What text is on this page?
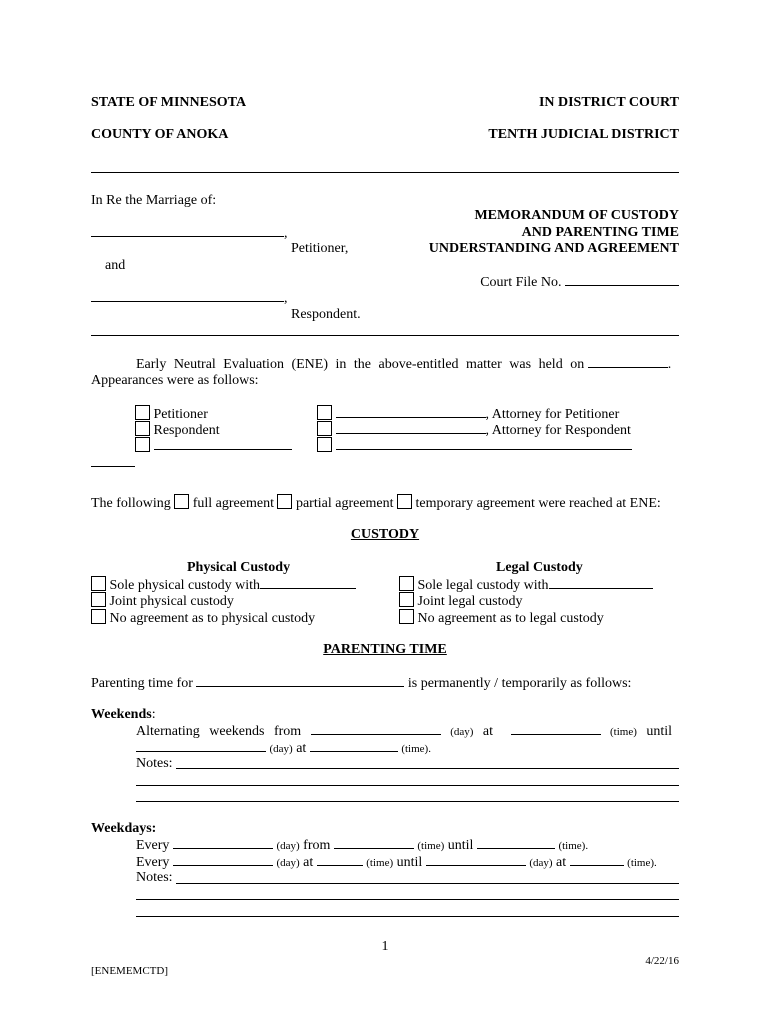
STATE OF MINNESOTA	IN DISTRICT COURT
COUNTY OF ANOKA	TENTH JUDICIAL DISTRICT
In Re the Marriage of:
,
Petitioner,
and
,
Respondent.
MEMORANDUM OF CUSTODY
AND PARENTING TIME
UNDERSTANDING AND AGREEMENT
Court File No.
Early Neutral Evaluation (ENE) in the above-entitled matter was held on	.
Appearances were as follows:
Petitioner
Respondent

, Attorney for Petitioner
, Attorney for Respondent

The following full agreement partial agreement temporary agreement were reached at ENE:
CUSTODY
Physical Custody
Sole physical custody with
Joint physical custody
No agreement as to physical custody
Legal Custody
Sole legal custody with
Joint legal custody
No agreement as to legal custody
PARENTING TIME
Parenting time for	is permanently / temporarily as follows:
Weekends:
Alternating weekends from	(day) at	(time) until
(day) at	(time).
Notes:
Weekdays:
Every	(day) from	(time) until	(time).
Every	(day) at	(time) until	(day) at	(time).
Notes:
1
4/22/16
[ENEMEMCTD]
